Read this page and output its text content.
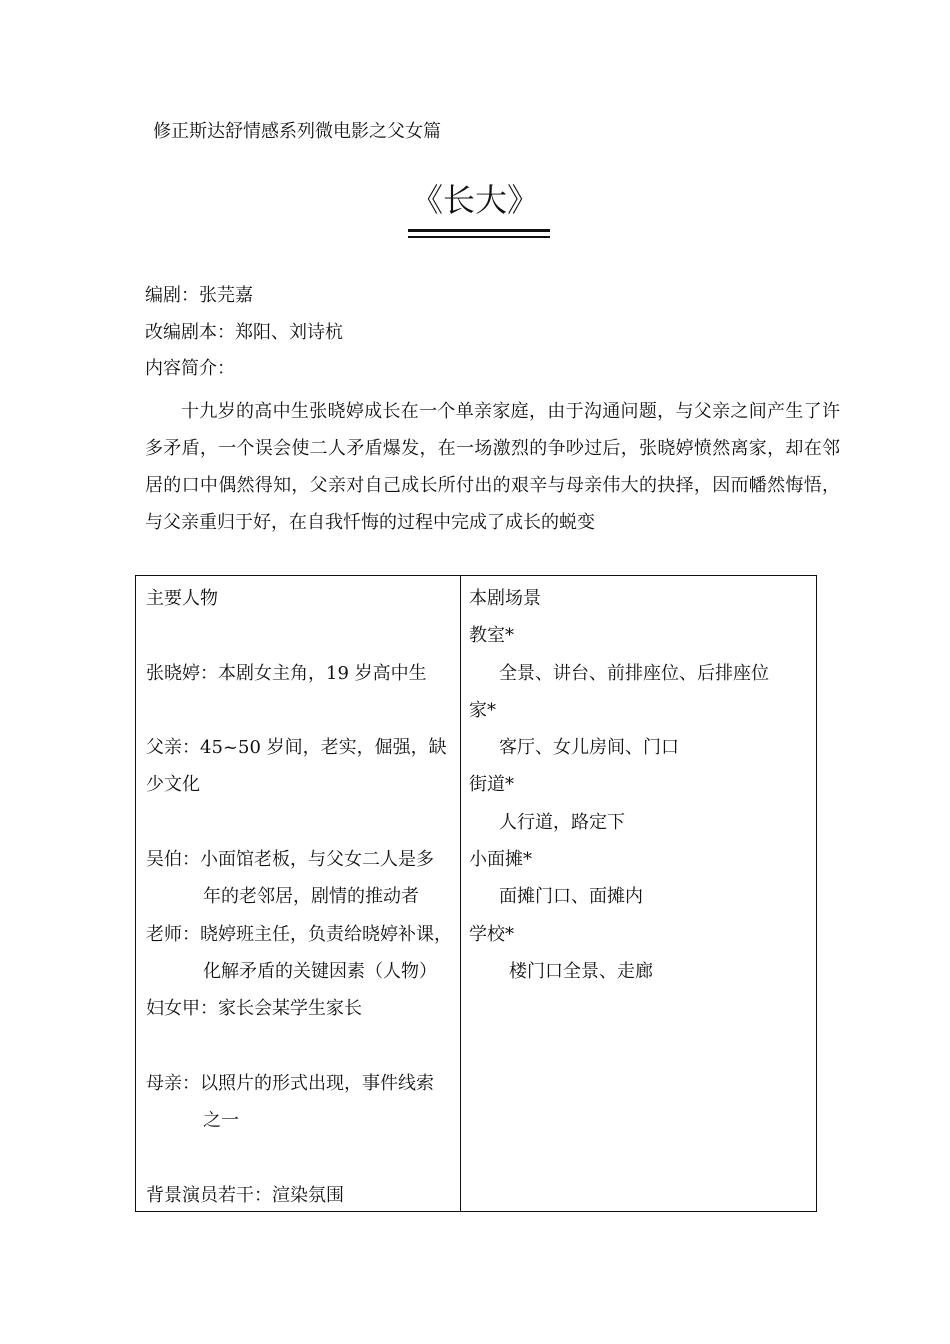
修正斯达舒情感系列微电影之父女篇
《长大》
编剧：张芫嘉
改编剧本：郑阳、刘诗杭
内容简介：

十九岁的高中生张晓婷成长在一个单亲家庭，由于沟通问题，与父亲之间产生了许多矛盾，一个误会使二人矛盾爆发，在一场激烈的争吵过后，张晓婷愤然离家，却在邻居的口中偶然得知，父亲对自己成长所付出的艰辛与母亲伟大的抉择，因而幡然悔悟，与父亲重归于好，在自我忏悔的过程中完成了成长的蜕变

主要人物
张晓婷：本剧女主角，19 岁高中生
父亲：45~50 岁间，老实，倔强，缺
少文化
吴伯：小面馆老板，与父女二人是多
年的老邻居，剧情的推动者
老师：晓婷班主任，负责给晓婷补课，
化解矛盾的关键因素（人物）
妇女甲：家长会某学生家长
母亲：以照片的形式出现，事件线索
之一
背景演员若干：渲染氛围
本剧场景
教室*
全景、讲台、前排座位、后排座位
家*
客厅、女儿房间、门口
街道*
人行道，路定下
小面摊*
面摊门口、面摊内
学校*
楼门口全景、走廊
